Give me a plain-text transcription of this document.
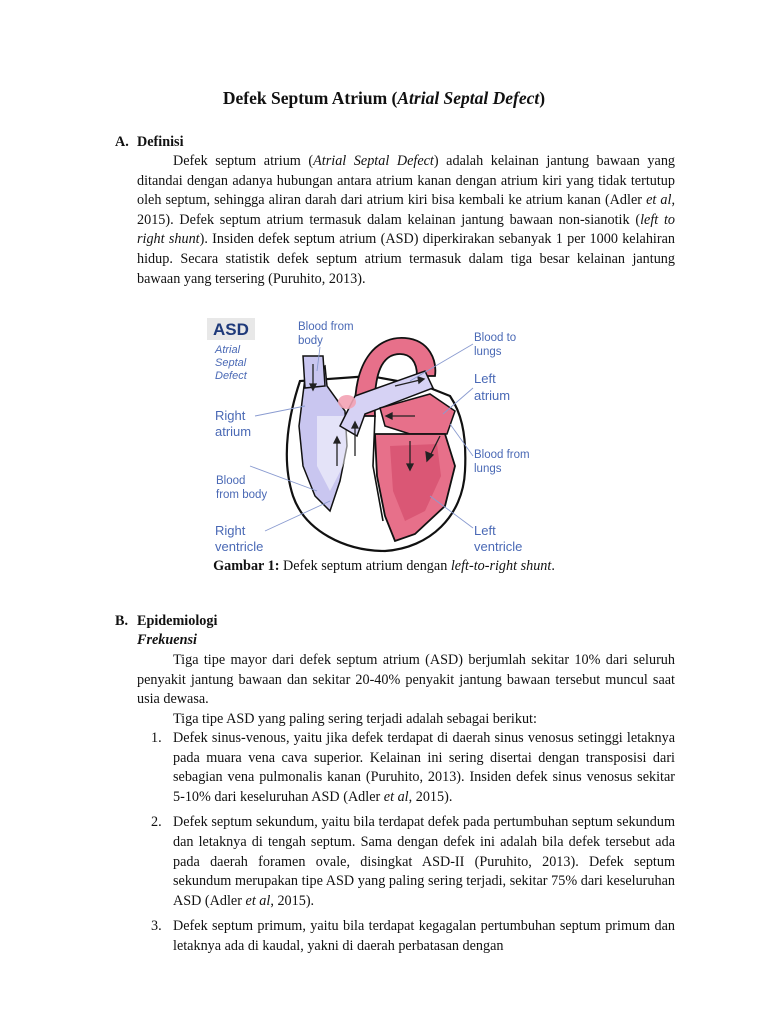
Defek Septum Atrium (Atrial Septal Defect)
A. Definisi
Defek septum atrium (Atrial Septal Defect) adalah kelainan jantung bawaan yang ditandai dengan adanya hubungan antara atrium kanan dengan atrium kiri yang tidak tertutup oleh septum, sehingga aliran darah dari atrium kiri bisa kembali ke atrium kanan (Adler et al, 2015). Defek septum atrium termasuk dalam kelainan jantung bawaan non-sianotik (left to right shunt). Insiden defek septum atrium (ASD) diperkirakan sebanyak 1 per 1000 kelahiran hidup. Secara statistik defek septum atrium termasuk dalam tiga besar kelainan jantung bawaan yang tersering (Puruhito, 2013).
ASD
Atrial
Septal
Defect
Blood from
body
Right
atrium
Blood
from body
Right
ventricle
Blood to
lungs
Left
atrium
Blood from
lungs
Left
ventricle
Gambar 1: Defek septum atrium dengan left-to-right shunt.
B. Epidemiologi
Frekuensi
Tiga tipe mayor dari defek septum atrium (ASD) berjumlah sekitar 10% dari seluruh penyakit jantung bawaan dan sekitar 20-40% penyakit jantung bawaan tersebut muncul saat usia dewasa.
Tiga tipe ASD yang paling sering terjadi adalah sebagai berikut:
1. Defek sinus-venous, yaitu jika defek terdapat di daerah sinus venosus setinggi letaknya pada muara vena cava superior. Kelainan ini sering disertai dengan transposisi dari sebagian vena pulmonalis kanan (Puruhito, 2013). Insiden defek sinus venosus sekitar 5-10% dari keseluruhan ASD (Adler et al, 2015).
2. Defek septum sekundum, yaitu bila terdapat defek pada pertumbuhan septum sekundum dan letaknya di tengah septum. Sama dengan defek ini adalah bila defek tersebut ada pada daerah foramen ovale, disingkat ASD-II (Puruhito, 2013). Defek septum sekundum merupakan tipe ASD yang paling sering terjadi, sekitar 75% dari keseluruhan ASD (Adler et al, 2015).
3. Defek septum primum, yaitu bila terdapat kegagalan pertumbuhan septum primum dan letaknya ada di kaudal, yakni di daerah perbatasan dengan
